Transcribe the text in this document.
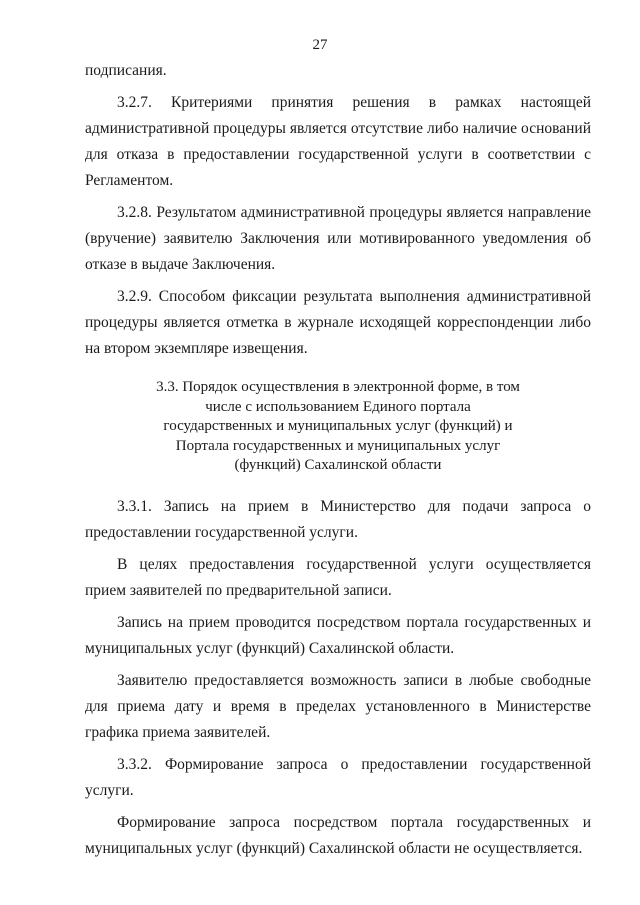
27

подписания.

3.2.7. Критериями принятия решения в рамках настоящей административной процедуры является отсутствие либо наличие оснований для отказа в предоставлении государственной услуги в соответствии с Регламентом.

3.2.8. Результатом административной процедуры является направление (вручение) заявителю Заключения или мотивированного уведомления об отказе в выдаче Заключения.

3.2.9. Способом фиксации результата выполнения административной процедуры является отметка в журнале исходящей корреспонденции либо на втором экземпляре извещения.

3.3. Порядок осуществления в электронной форме, в том
числе с использованием Единого портала
государственных и муниципальных услуг (функций) и
Портала государственных и муниципальных услуг
(функций) Сахалинской области

3.3.1. Запись на прием в Министерство для подачи запроса о предоставлении государственной услуги.

В целях предоставления государственной услуги осуществляется прием заявителей по предварительной записи.

Запись на прием проводится посредством портала государственных и муниципальных услуг (функций) Сахалинской области.

Заявителю предоставляется возможность записи в любые свободные для приема дату и время в пределах установленного в Министерстве графика приема заявителей.

3.3.2. Формирование запроса о предоставлении государственной услуги.

Формирование запроса посредством портала государственных и муниципальных услуг (функций) Сахалинской области не осуществляется.
